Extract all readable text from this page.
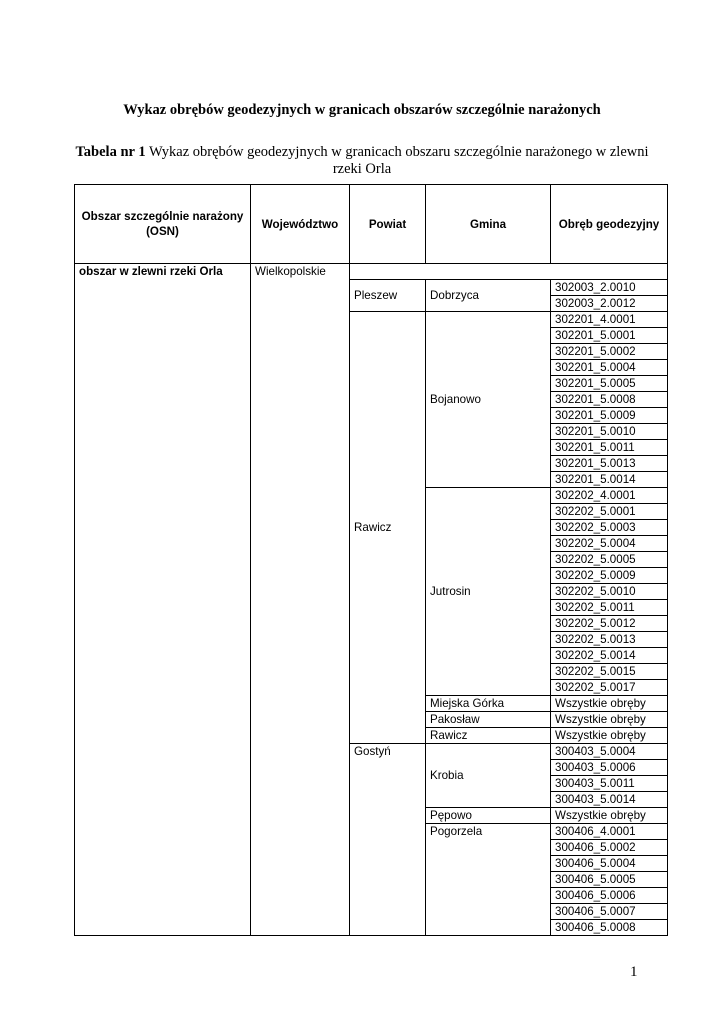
Wykaz obrębów geodezyjnych w granicach obszarów szczególnie narażonych
Tabela nr 1 Wykaz obrębów geodezyjnych w granicach obszaru szczególnie narażonego w zlewni rzeki Orla
Obszar szczególnie narażony (OSN)	Województwo	Powiat	Gmina	Obręb geodezyjny
obszar w zlewni rzeki Orla	Wielkopolskie			
		Pleszew	Dobrzyca	302003_2.0010
				302003_2.0012
		Rawicz	Bojanowo	302201_4.0001
				302201_5.0001
				302201_5.0002
				302201_5.0004
				302201_5.0005
				302201_5.0008
				302201_5.0009
				302201_5.0010
				302201_5.0011
				302201_5.0013
				302201_5.0014
			Jutrosin	302202_4.0001
				302202_5.0001
				302202_5.0003
				302202_5.0004
				302202_5.0005
				302202_5.0009
				302202_5.0010
				302202_5.0011
				302202_5.0012
				302202_5.0013
				302202_5.0014
				302202_5.0015
				302202_5.0017
			Miejska Górka	Wszystkie obręby
			Pakosław	Wszystkie obręby
			Rawicz	Wszystkie obręby
		Gostyń	Krobia	300403_5.0004
				300403_5.0006
				300403_5.0011
				300403_5.0014
			Pępowo	Wszystkie obręby
			Pogorzela	300406_4.0001
				300406_5.0002
				300406_5.0004
				300406_5.0005
				300406_5.0006
				300406_5.0007
				300406_5.0008
1
